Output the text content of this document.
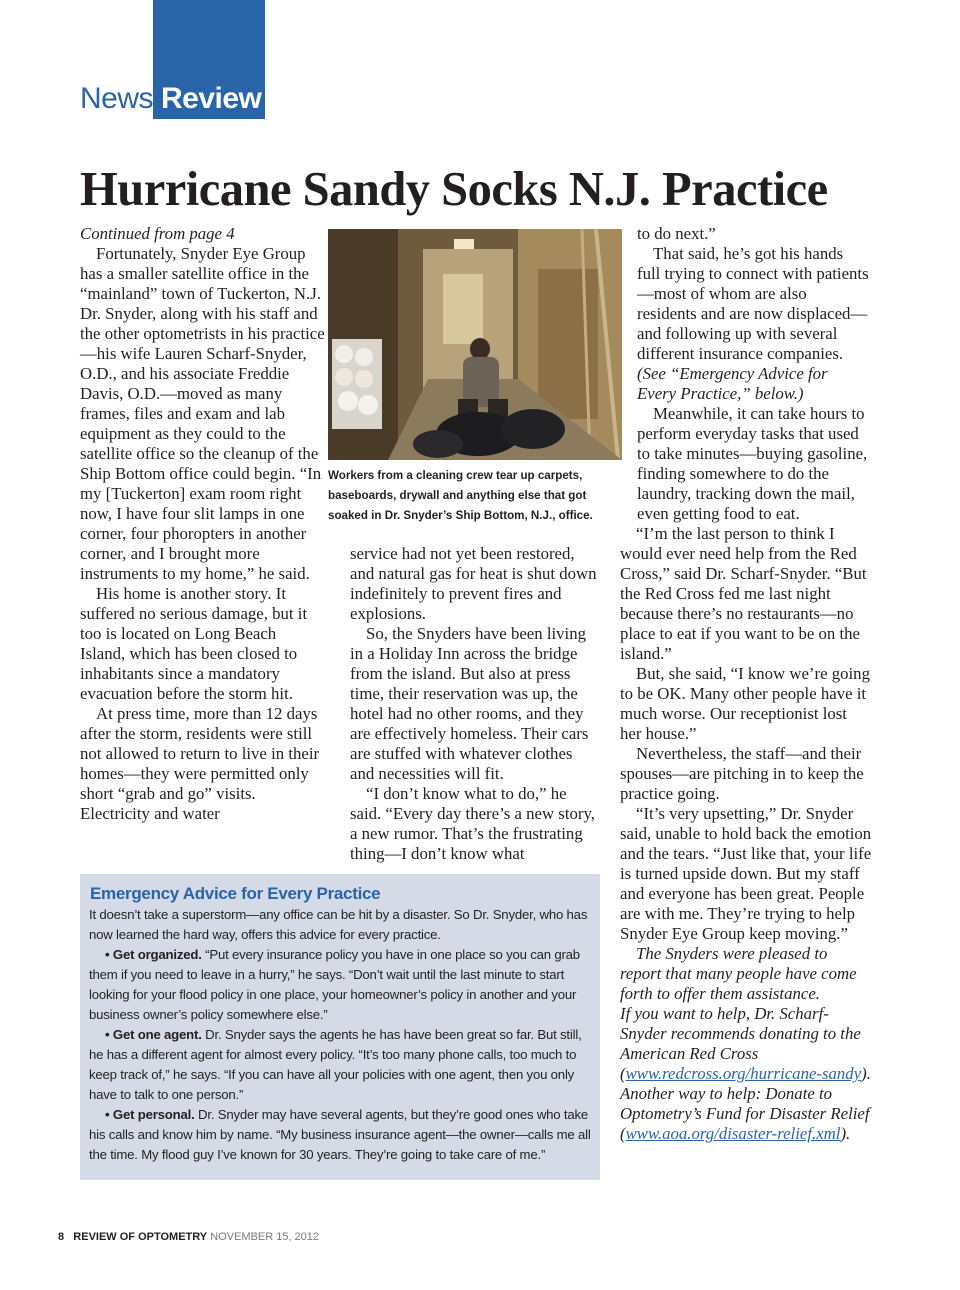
News Review
Hurricane Sandy Socks N.J. Practice

Continued from page 4

Fortunately, Snyder Eye Group has a smaller satellite office in the “mainland” town of Tuckerton, N.J. Dr. Snyder, along with his staff and the other optometrists in his practice—his wife Lauren Scharf-Snyder, O.D., and his associate Freddie Davis, O.D.—moved as many frames, files and exam and lab equipment as they could to the satellite office so the cleanup of the Ship Bottom office could begin. “In my [Tuckerton] exam room right now, I have four slit lamps in one corner, four phoropters in another corner, and I brought more instruments to my home,” he said.

His home is another story. It suffered no serious damage, but it too is located on Long Beach Island, which has been closed to inhabitants since a mandatory evacuation before the storm hit.

At press time, more than 12 days after the storm, residents were still not allowed to return to live in their homes—they were permitted only short “grab and go” visits. Electricity and water

Workers from a cleaning crew tear up carpets, baseboards, drywall and anything else that got soaked in Dr. Snyder’s Ship Bottom, N.J., office.

service had not yet been restored, and natural gas for heat is shut down indefinitely to prevent fires and explosions.

So, the Snyders have been living in a Holiday Inn across the bridge from the island. But also at press time, their reservation was up, the hotel had no other rooms, and they are effectively homeless. Their cars are stuffed with whatever clothes and necessities will fit.

“I don’t know what to do,” he said. “Every day there’s a new story, a new rumor. That’s the frustrating thing—I don’t know what

to do next.”

That said, he’s got his hands full trying to connect with patients—most of whom are also residents and are now displaced—and following up with several different insurance companies. (See “Emergency Advice for Every Practice,” below.)

Meanwhile, it can take hours to perform everyday tasks that used to take minutes—buying gasoline, finding somewhere to do the laundry, tracking down the mail, even getting food to eat.

“I’m the last person to think I would ever need help from the Red Cross,” said Dr. Scharf-Snyder. “But the Red Cross fed me last night because there’s no restaurants—no place to eat if you want to be on the island.”

But, she said, “I know we’re going to be OK. Many other people have it much worse. Our receptionist lost her house.”

Nevertheless, the staff—and their spouses—are pitching in to keep the practice going.

“It’s very upsetting,” Dr. Snyder said, unable to hold back the emotion and the tears. “Just like that, your life is turned upside down. But my staff and everyone has been great. People are with me. They’re trying to help Snyder Eye Group keep moving.”

The Snyders were pleased to report that many people have come forth to offer them assistance.

If you want to help, Dr. Scharf-Snyder recommends donating to the American Red Cross (www.redcross.org/hurricane-sandy).

Another way to help: Donate to Optometry’s Fund for Disaster Relief (www.aoa.org/disaster-relief.xml).

Emergency Advice for Every Practice

It doesn’t take a superstorm—any office can be hit by a disaster. So Dr. Snyder, who has now learned the hard way, offers this advice for every practice.

• Get organized. “Put every insurance policy you have in one place so you can grab them if you need to leave in a hurry,” he says. “Don’t wait until the last minute to start looking for your flood policy in one place, your homeowner’s policy in another and your business owner’s policy somewhere else.”

• Get one agent. Dr. Snyder says the agents he has have been great so far. But still, he has a different agent for almost every policy. “It’s too many phone calls, too much to keep track of,” he says. “If you can have all your policies with one agent, then you only have to talk to one person.”

• Get personal. Dr. Snyder may have several agents, but they’re good ones who take his calls and know him by name. “My business insurance agent—the owner—calls me all the time. My flood guy I’ve known for 30 years. They’re going to take care of me.”

8 REVIEW OF OPTOMETRY NOVEMBER 15, 2012
